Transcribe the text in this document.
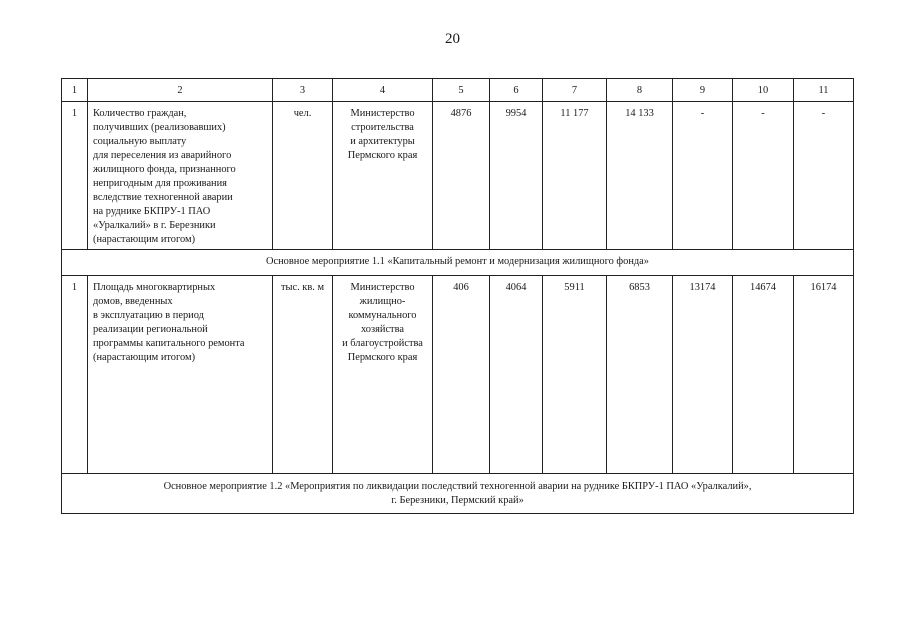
20
1	2	3	4	5	6	7	8	9	10	11
1	Количество граждан,
получивших (реализовавших)
социальную выплату
для переселения из аварийного
жилищного фонда, признанного
непригодным для проживания
вследствие техногенной аварии
на руднике БКПРУ-1 ПАО
«Уралкалий» в г. Березники
(нарастающим итогом)
чел.	Министерство
строительства
и архитектуры
Пермского края
4876	9954	11 177	14 133	-	-	-
Основное мероприятие 1.1 «Капитальный ремонт и модернизация жилищного фонда»
1	Площадь многоквартирных
домов, введенных
в эксплуатацию в период
реализации региональной
программы капитального ремонта
(нарастающим итогом)
тыс. кв. м	Министерство
жилищно-
коммунального
хозяйства
и благоустройства
Пермского края
406	4064	5911	6853	13174	14674	16174
Основное мероприятие 1.2 «Мероприятия по ликвидации последствий техногенной аварии на руднике БКПРУ-1 ПАО «Уралкалий»,
г. Березники, Пермский край»
